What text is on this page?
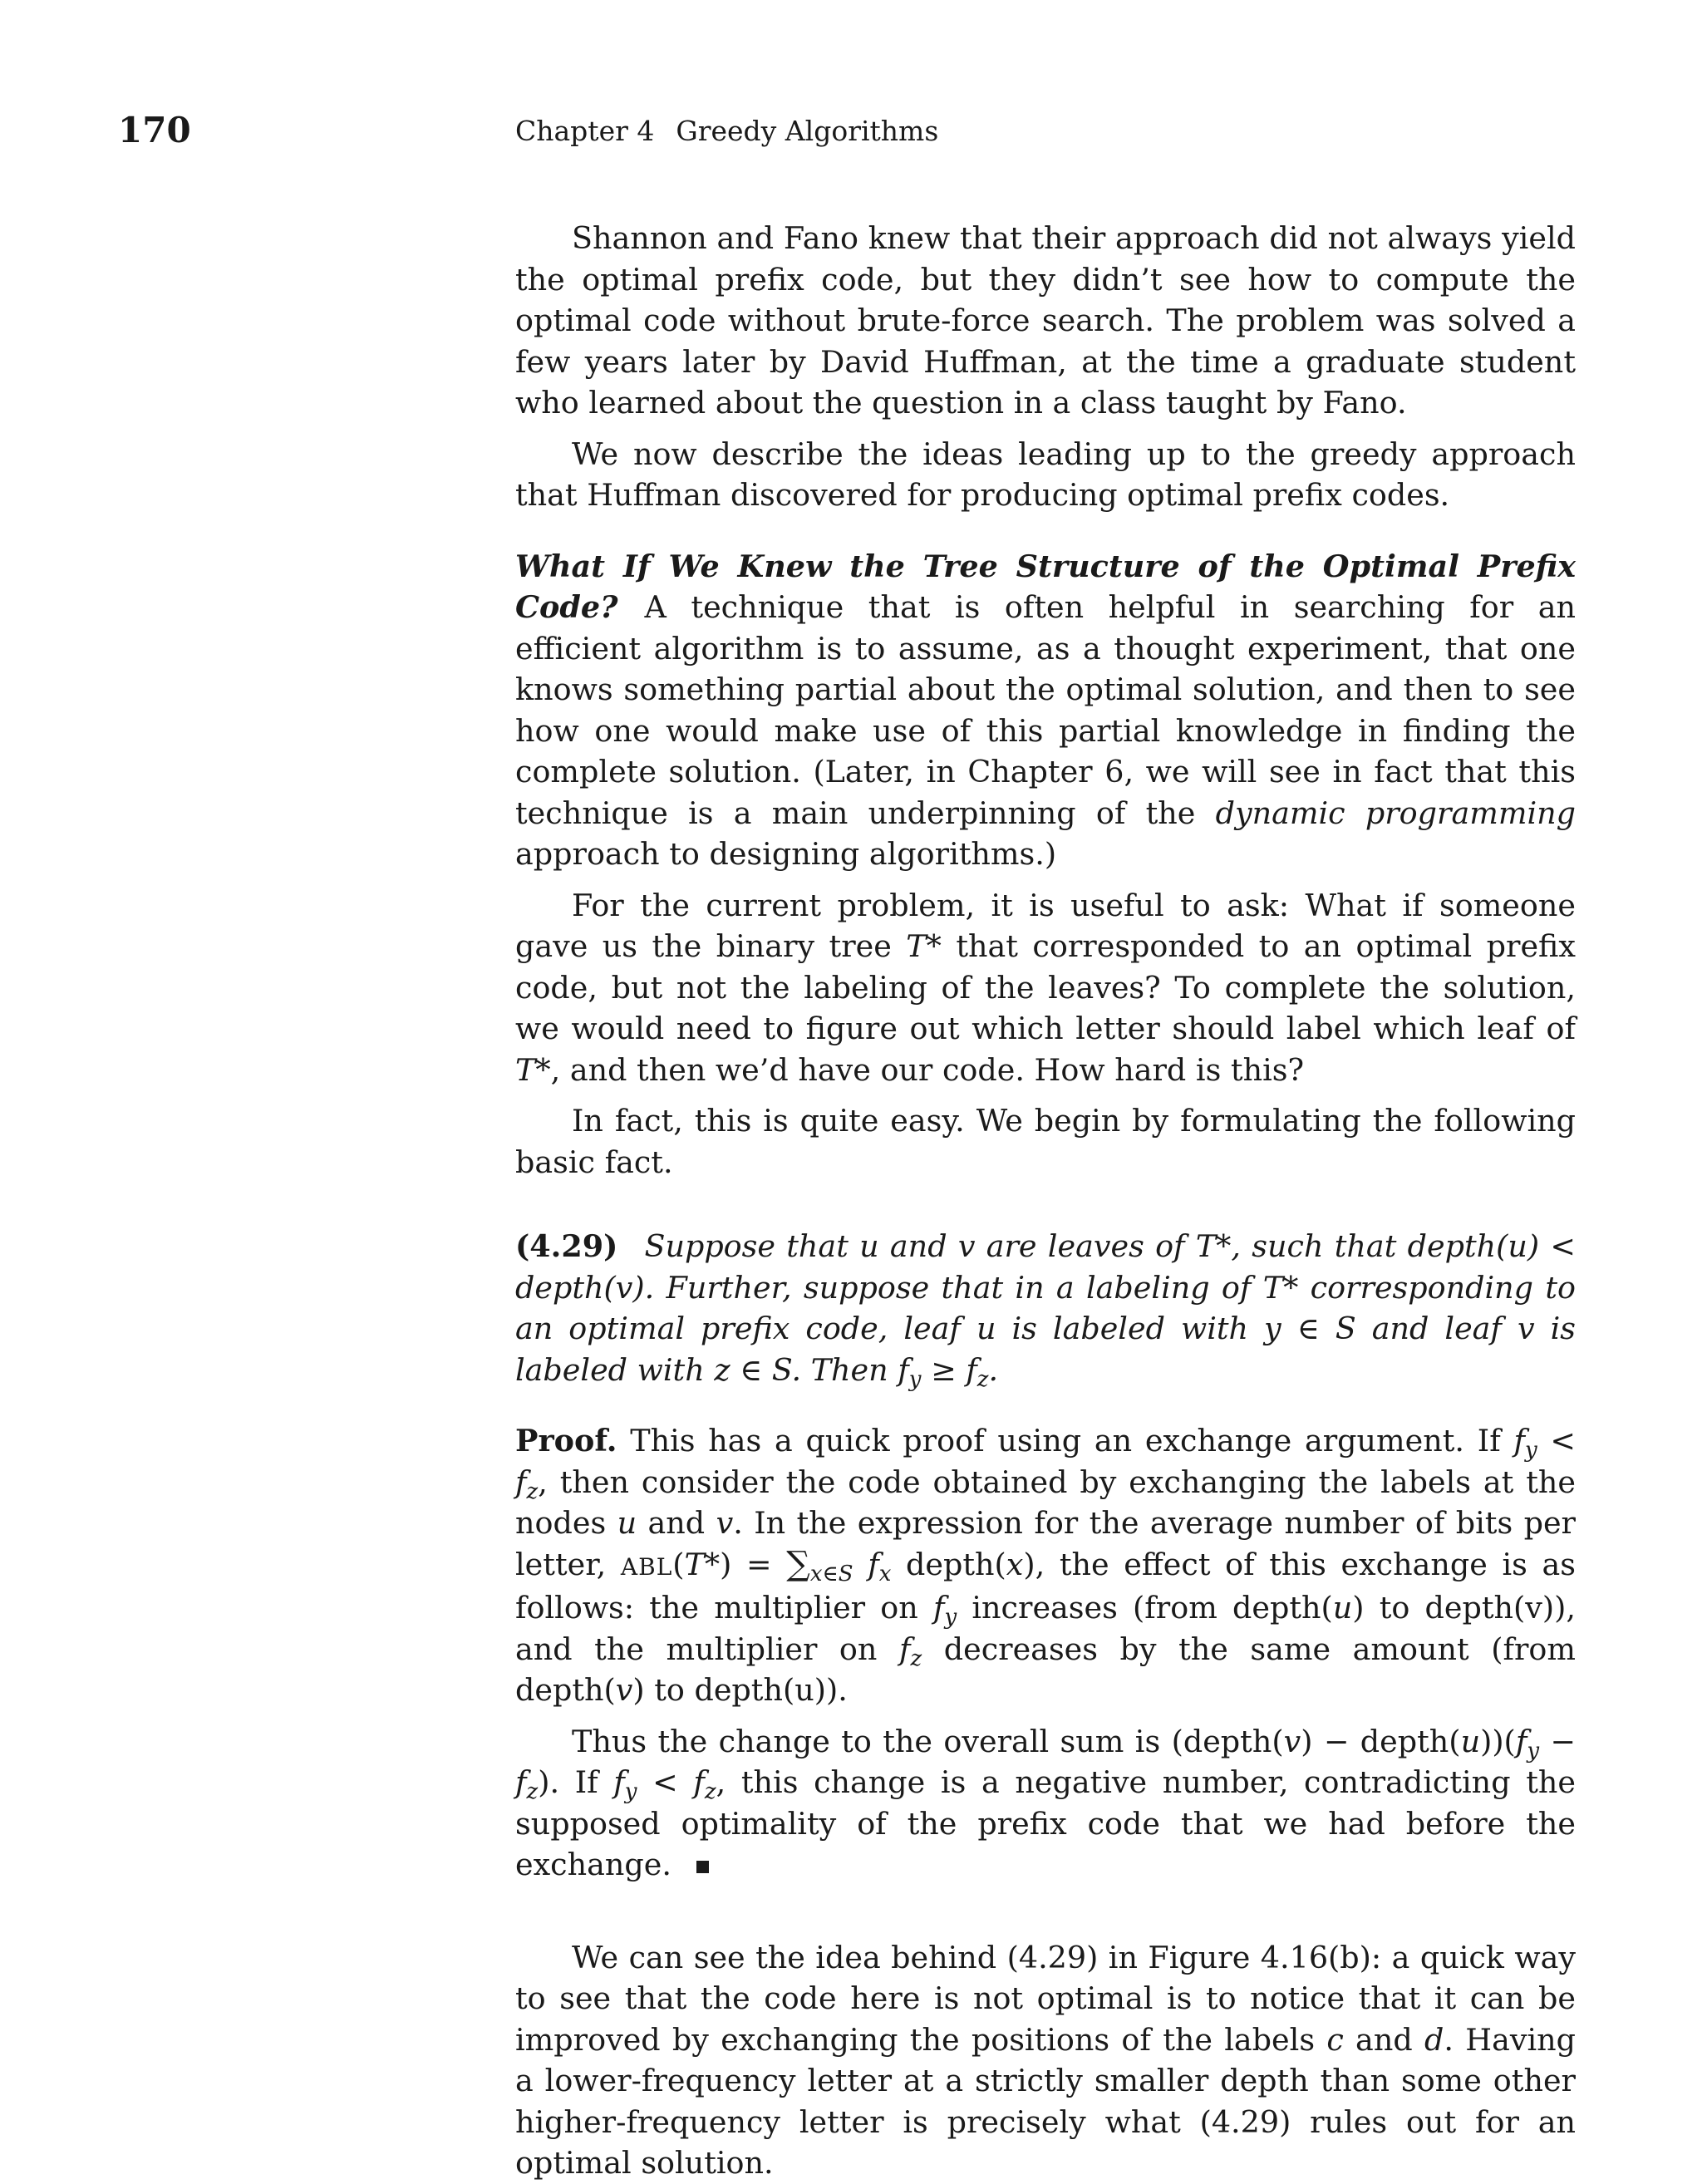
170	Chapter 4 Greedy Algorithms

Shannon and Fano knew that their approach did not always yield the optimal prefix code, but they didn’t see how to compute the optimal code without brute-force search. The problem was solved a few years later by David Huffman, at the time a graduate student who learned about the question in a class taught by Fano.

We now describe the ideas leading up to the greedy approach that Huffman discovered for producing optimal prefix codes.

What If We Knew the Tree Structure of the Optimal Prefix Code? A technique that is often helpful in searching for an efficient algorithm is to assume, as a thought experiment, that one knows something partial about the optimal solution, and then to see how one would make use of this partial knowledge in finding the complete solution. (Later, in Chapter 6, we will see in fact that this technique is a main underpinning of the dynamic programming approach to designing algorithms.)

For the current problem, it is useful to ask: What if someone gave us the binary tree T* that corresponded to an optimal prefix code, but not the labeling of the leaves? To complete the solution, we would need to figure out which letter should label which leaf of T*, and then we’d have our code. How hard is this?

In fact, this is quite easy. We begin by formulating the following basic fact.

(4.29) Suppose that u and v are leaves of T*, such that depth(u) < depth(v). Further, suppose that in a labeling of T* corresponding to an optimal prefix code, leaf u is labeled with y ∈ S and leaf v is labeled with z ∈ S. Then $f_y \ge f_z$.

Proof. This has a quick proof using an exchange argument. If $f_y < f_z$, then consider the code obtained by exchanging the labels at the nodes u and v. In the expression for the average number of bits per letter, $ABL(T*) = \sum_{x\in S}$ $f_x$ depth(x), the effect of this exchange is as follows: the multiplier on $f_y$ increases (from depth(u) to depth(v)), and the multiplier on $f_z$ decreases by the same amount (from depth(v) to depth(u)).

Thus the change to the overall sum is (depth(v) − $depth(u))(f_y - f_z)$. If $f_y < f_z$, this change is a negative number, contradicting the supposed optimality of the prefix code that we had before the exchange.

We can see the idea behind (4.29) in Figure 4.16(b): a quick way to see that the code here is not optimal is to notice that it can be improved by exchanging the positions of the labels c and d. Having a lower-frequency letter at a strictly smaller depth than some other higher-frequency letter is precisely what (4.29) rules out for an optimal solution.
